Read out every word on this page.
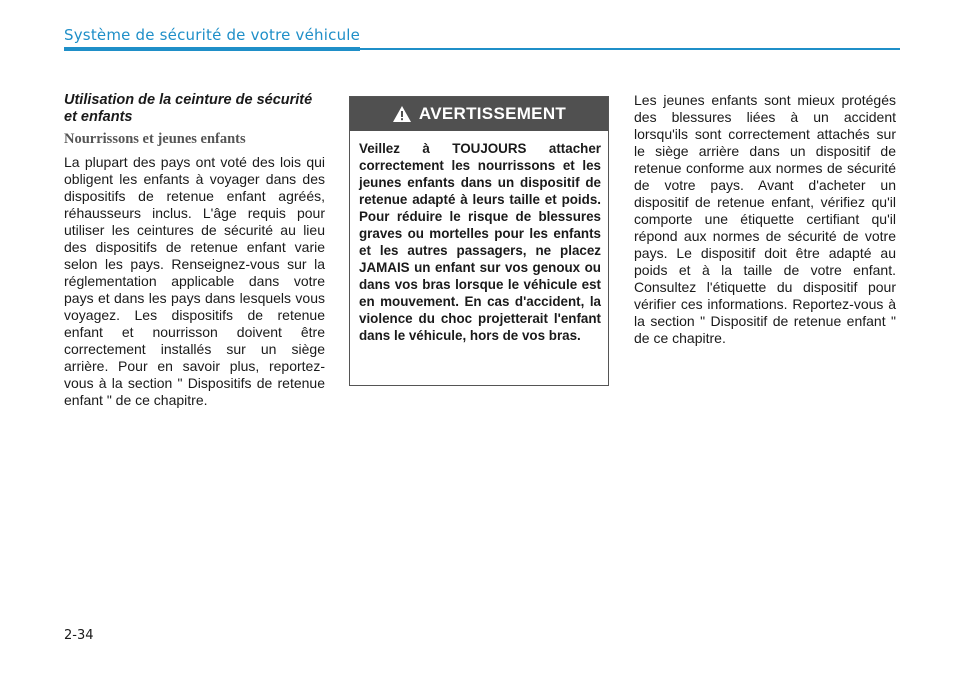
Système de sécurité de votre véhicule
Utilisation de la ceinture de sécurité et enfants
Nourrissons et jeunes enfants

La plupart des pays ont voté des lois qui obligent les enfants à voyager dans des dispositifs de retenue enfant agréés, réhausseurs inclus. L'âge requis pour utiliser les ceintures de sécurité au lieu des dispositifs de retenue enfant varie selon les pays. Renseignez-vous sur la réglementation applicable dans votre pays et dans les pays dans lesquels vous voyagez. Les dispositifs de retenue enfant et nourrisson doivent être correctement installés sur un siège arrière. Pour en savoir plus, reportez-vous à la section " Dispositifs de retenue enfant " de ce chapitre.

AVERTISSEMENT

Veillez à TOUJOURS attacher correctement les nourrissons et les jeunes enfants dans un dispositif de retenue adapté à leurs taille et poids. Pour réduire le risque de blessures graves ou mortelles pour les enfants et les autres passagers, ne placez JAMAIS un enfant sur vos genoux ou dans vos bras lorsque le véhicule est en mouvement. En cas d'accident, la violence du choc projetterait l'enfant dans le véhicule, hors de vos bras.

Les jeunes enfants sont mieux protégés des blessures liées à un accident lorsqu'ils sont correctement attachés sur le siège arrière dans un dispositif de retenue conforme aux normes de sécurité de votre pays. Avant d'acheter un dispositif de retenue enfant, vérifiez qu'il comporte une étiquette certifiant qu'il répond aux normes de sécurité de votre pays. Le dispositif doit être adapté au poids et à la taille de votre enfant. Consultez l'étiquette du dispositif pour vérifier ces informations. Reportez-vous à la section " Dispositif de retenue enfant " de ce chapitre.

2-34
